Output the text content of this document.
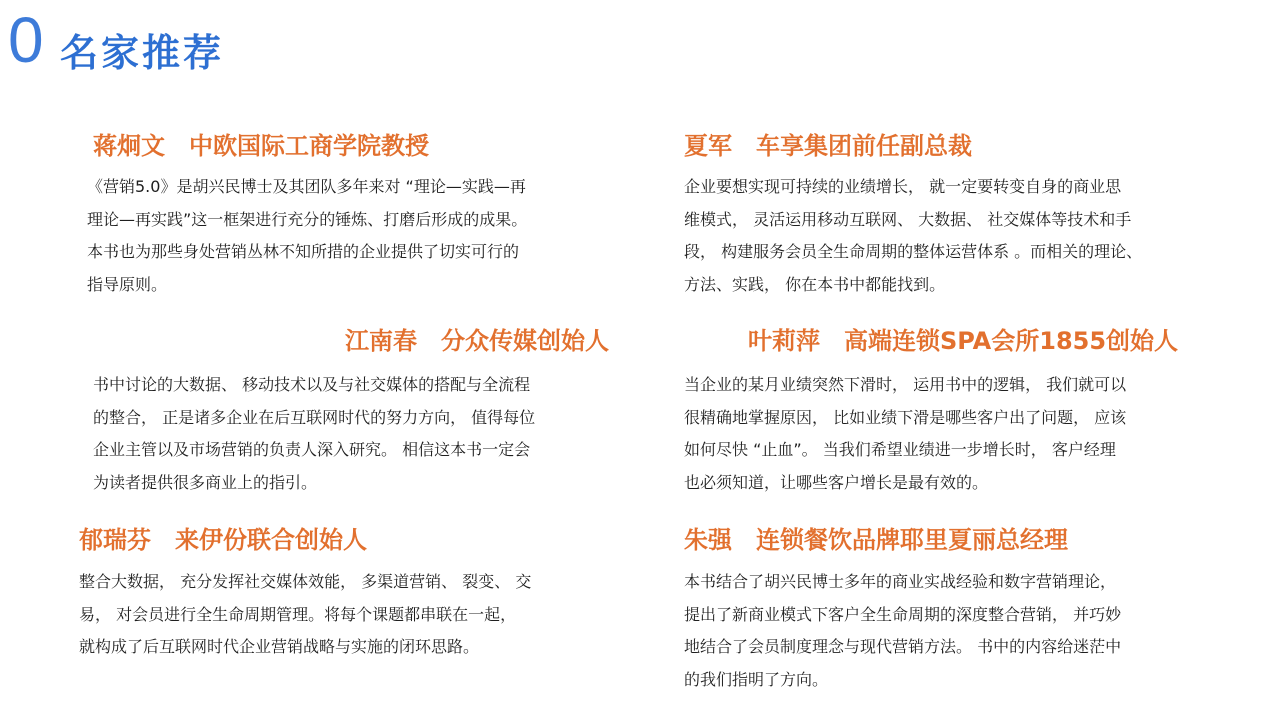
0 名家推荐
蒋炯文 中欧国际工商学院教授
《营销5.0》是胡兴民博士及其团队多年来对 “理论—实践—再
理论—再实践”这一框架进行充分的锤炼、打磨后形成的成果。
本书也为那些身处营销丛林不知所措的企业提供了切实可行的
指导原则。
江南春 分众传媒创始人
书中讨论的大数据、 移动技术以及与社交媒体的搭配与全流程
的整合， 正是诸多企业在后互联网时代的努力方向， 值得每位
企业主管以及市场营销的负责人深入研究。 相信这本书一定会
为读者提供很多商业上的指引。
郁瑞芬 来伊份联合创始人
整合大数据， 充分发挥社交媒体效能， 多渠道营销、 裂变、 交
易， 对会员进行全生命周期管理。将每个课题都串联在一起，
就构成了后互联网时代企业营销战略与实施的闭环思路。
夏军 车享集团前任副总裁
企业要想实现可持续的业绩增长， 就一定要转变自身的商业思
维模式， 灵活运用移动互联网、 大数据、 社交媒体等技术和手
段， 构建服务会员全生命周期的整体运营体系 。而相关的理论、
方法、实践， 你在本书中都能找到。
叶莉萍 高端连锁SPA会所1855创始人
当企业的某月业绩突然下滑时， 运用书中的逻辑， 我们就可以
很精确地掌握原因， 比如业绩下滑是哪些客户出了问题， 应该
如何尽快 “止血”。 当我们希望业绩进一步增长时， 客户经理
也必须知道，让哪些客户增长是最有效的。
朱强 连锁餐饮品牌耶里夏丽总经理
本书结合了胡兴民博士多年的商业实战经验和数字营销理论，
提出了新商业模式下客户全生命周期的深度整合营销， 并巧妙
地结合了会员制度理念与现代营销方法。 书中的内容给迷茫中
的我们指明了方向。
